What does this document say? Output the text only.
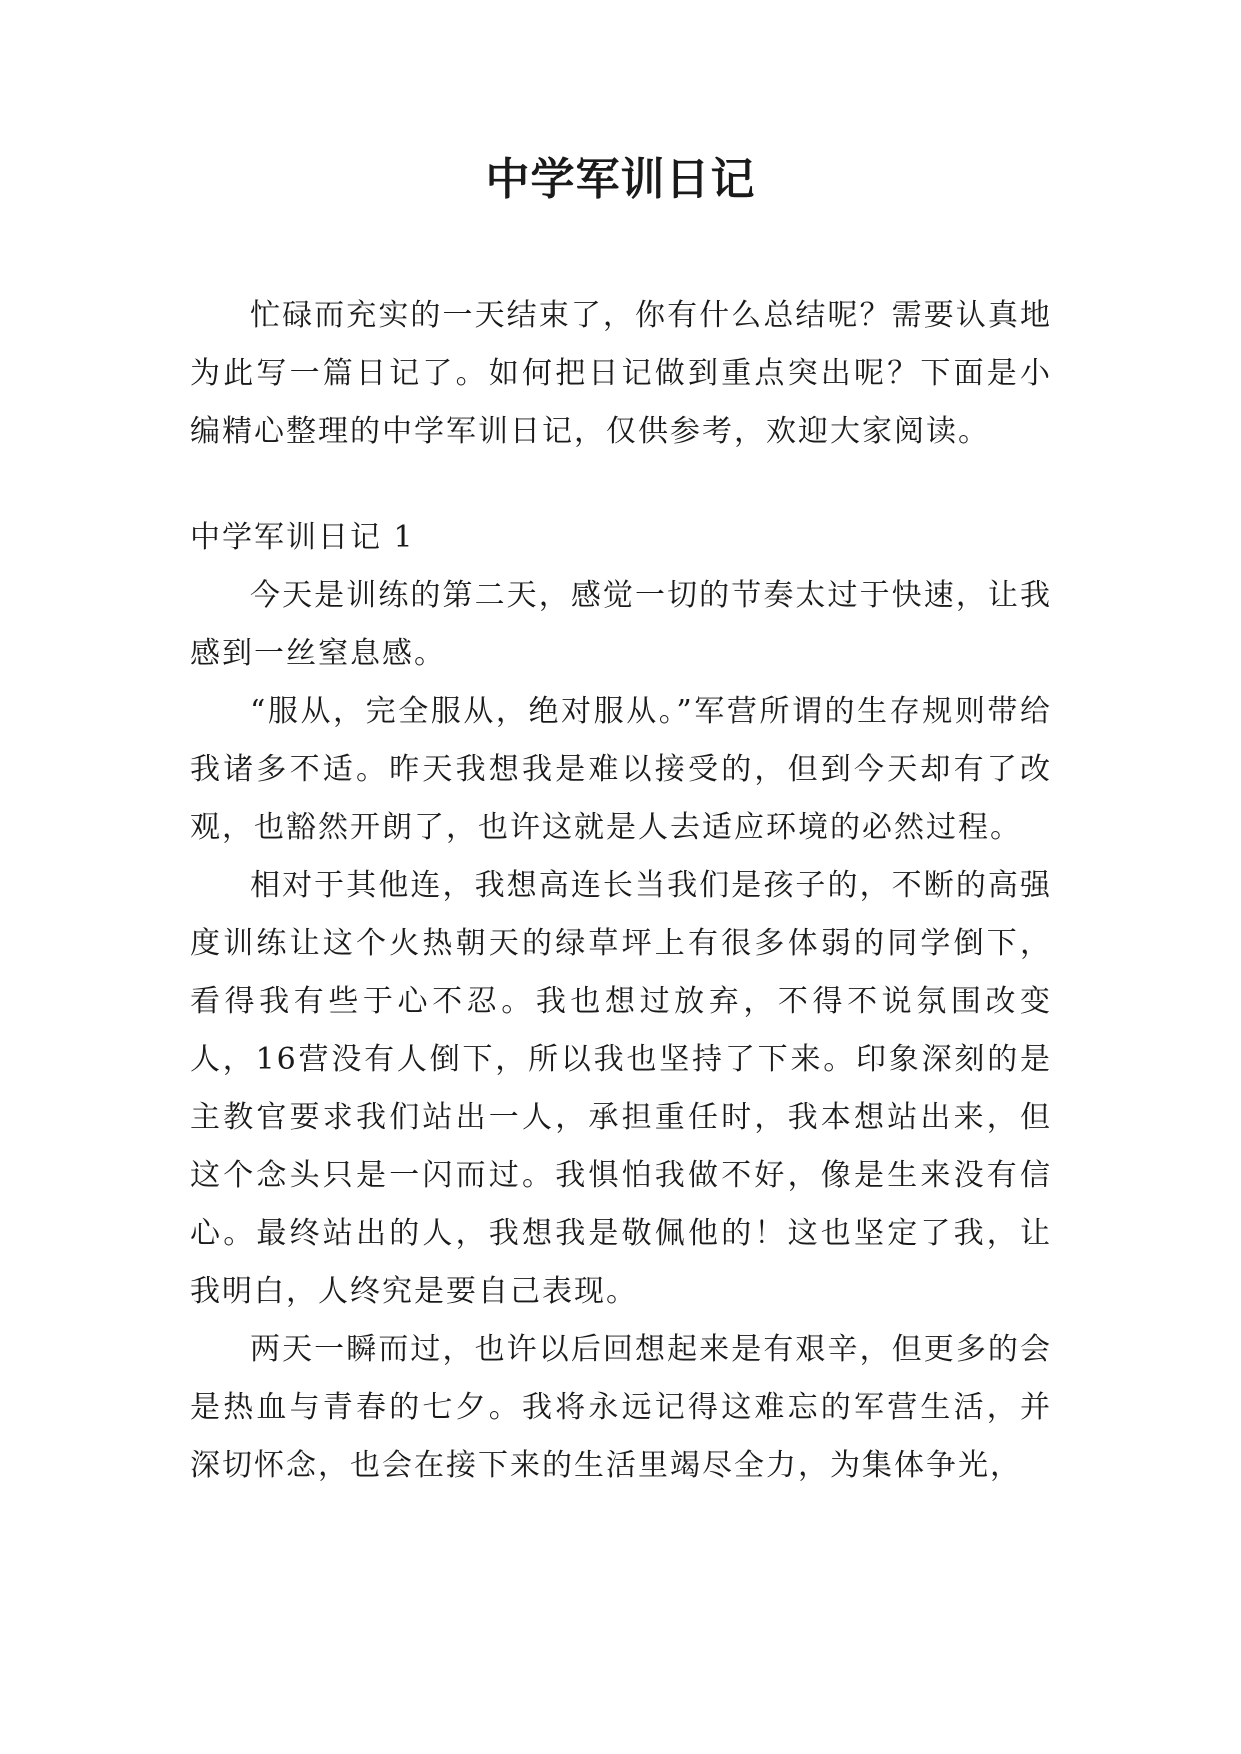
中学军训日记

忙碌而充实的一天结束了，你有什么总结呢？需要认真地为此写一篇日记了。如何把日记做到重点突出呢？下面是小编精心整理的中学军训日记，仅供参考，欢迎大家阅读。

中学军训日记 1

今天是训练的第二天，感觉一切的节奏太过于快速，让我感到一丝窒息感。

“服从，完全服从，绝对服从。”军营所谓的生存规则带给我诸多不适。昨天我想我是难以接受的，但到今天却有了改观，也豁然开朗了，也许这就是人去适应环境的必然过程。

相对于其他连，我想高连长当我们是孩子的，不断的高强度训练让这个火热朝天的绿草坪上有很多体弱的同学倒下，看得我有些于心不忍。我也想过放弃，不得不说氛围改变人，16营没有人倒下，所以我也坚持了下来。印象深刻的是主教官要求我们站出一人，承担重任时，我本想站出来，但这个念头只是一闪而过。我惧怕我做不好，像是生来没有信心。最终站出的人，我想我是敬佩他的！这也坚定了我，让我明白，人终究是要自己表现。

两天一瞬而过，也许以后回想起来是有艰辛，但更多的会是热血与青春的七夕。我将永远记得这难忘的军营生活，并深切怀念，也会在接下来的生活里竭尽全力，为集体争光，
